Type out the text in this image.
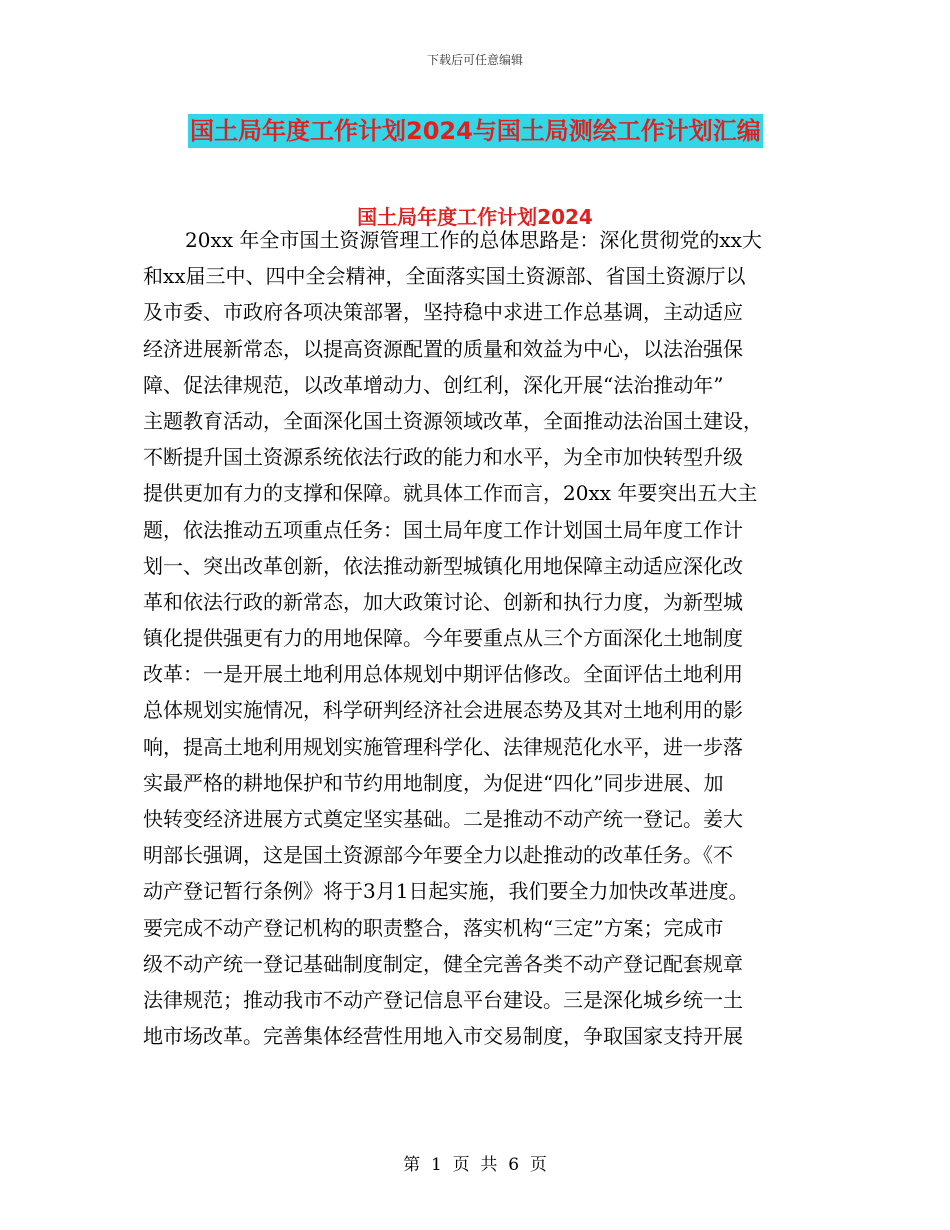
下载后可任意编辑
国土局年度工作计划2024与国土局测绘工作计划汇编
国土局年度工作计划2024
20xx 年全市国土资源管理工作的总体思路是：深化贯彻党的xx大
和xx届三中、四中全会精神，全面落实国土资源部、省国土资源厅以
及市委、市政府各项决策部署，坚持稳中求进工作总基调，主动适应
经济进展新常态，以提高资源配置的质量和效益为中心，以法治强保
障、促法律规范，以改革增动力、创红利，深化开展“法治推动年”
主题教育活动，全面深化国土资源领域改革，全面推动法治国土建设，
不断提升国土资源系统依法行政的能力和水平，为全市加快转型升级
提供更加有力的支撑和保障。就具体工作而言，20xx 年要突出五大主
题，依法推动五项重点任务：国土局年度工作计划国土局年度工作计
划一、突出改革创新，依法推动新型城镇化用地保障主动适应深化改
革和依法行政的新常态，加大政策讨论、创新和执行力度，为新型城
镇化提供强更有力的用地保障。今年要重点从三个方面深化土地制度
改革：一是开展土地利用总体规划中期评估修改。全面评估土地利用
总体规划实施情况，科学研判经济社会进展态势及其对土地利用的影
响，提高土地利用规划实施管理科学化、法律规范化水平，进一步落
实最严格的耕地保护和节约用地制度，为促进“四化”同步进展、加
快转变经济进展方式奠定坚实基础。二是推动不动产统一登记。姜大
明部长强调，这是国土资源部今年要全力以赴推动的改革任务。《不
动产登记暂行条例》将于3月1日起实施，我们要全力加快改革进度。
要完成不动产登记机构的职责整合，落实机构“三定”方案；完成市
级不动产统一登记基础制度制定，健全完善各类不动产登记配套规章
法律规范；推动我市不动产登记信息平台建设。三是深化城乡统一土
地市场改革。完善集体经营性用地入市交易制度，争取国家支持开展
第  1  页  共  6  页
